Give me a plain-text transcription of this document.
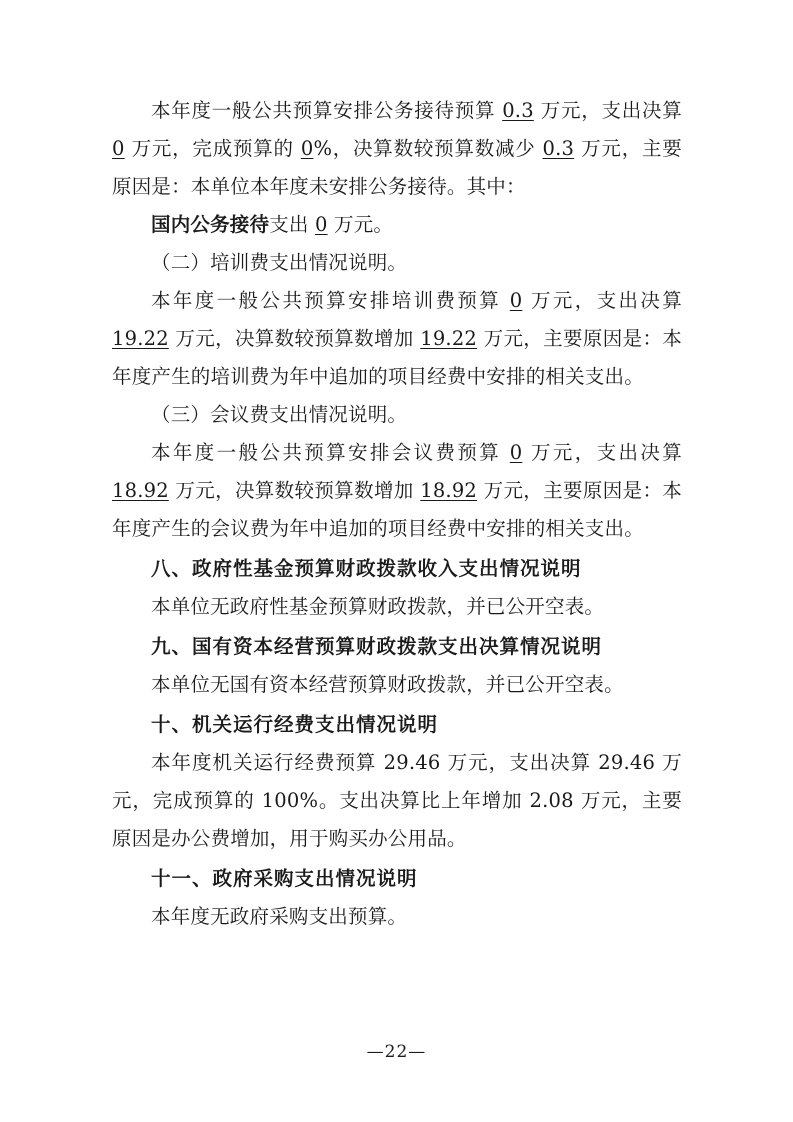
本年度一般公共预算安排公务接待预算 0.3 万元，支出决算 0 万元，完成预算的 0%，决算数较预算数减少 0.3 万元，主要原因是：本单位本年度未安排公务接待。其中：

国内公务接待支出 0 万元。

（二）培训费支出情况说明。

本年度一般公共预算安排培训费预算 0 万元，支出决算 19.22 万元，决算数较预算数增加 19.22 万元，主要原因是：本年度产生的培训费为年中追加的项目经费中安排的相关支出。

（三）会议费支出情况说明。

本年度一般公共预算安排会议费预算 0 万元，支出决算 18.92 万元，决算数较预算数增加 18.92 万元，主要原因是：本年度产生的会议费为年中追加的项目经费中安排的相关支出。

八、政府性基金预算财政拨款收入支出情况说明

本单位无政府性基金预算财政拨款，并已公开空表。

九、国有资本经营预算财政拨款支出决算情况说明

本单位无国有资本经营预算财政拨款，并已公开空表。

十、机关运行经费支出情况说明

本年度机关运行经费预算 29.46 万元，支出决算 29.46 万元，完成预算的 100%。支出决算比上年增加 2.08 万元，主要原因是办公费增加，用于购买办公用品。

十一、政府采购支出情况说明

本年度无政府采购支出预算。

—22—
